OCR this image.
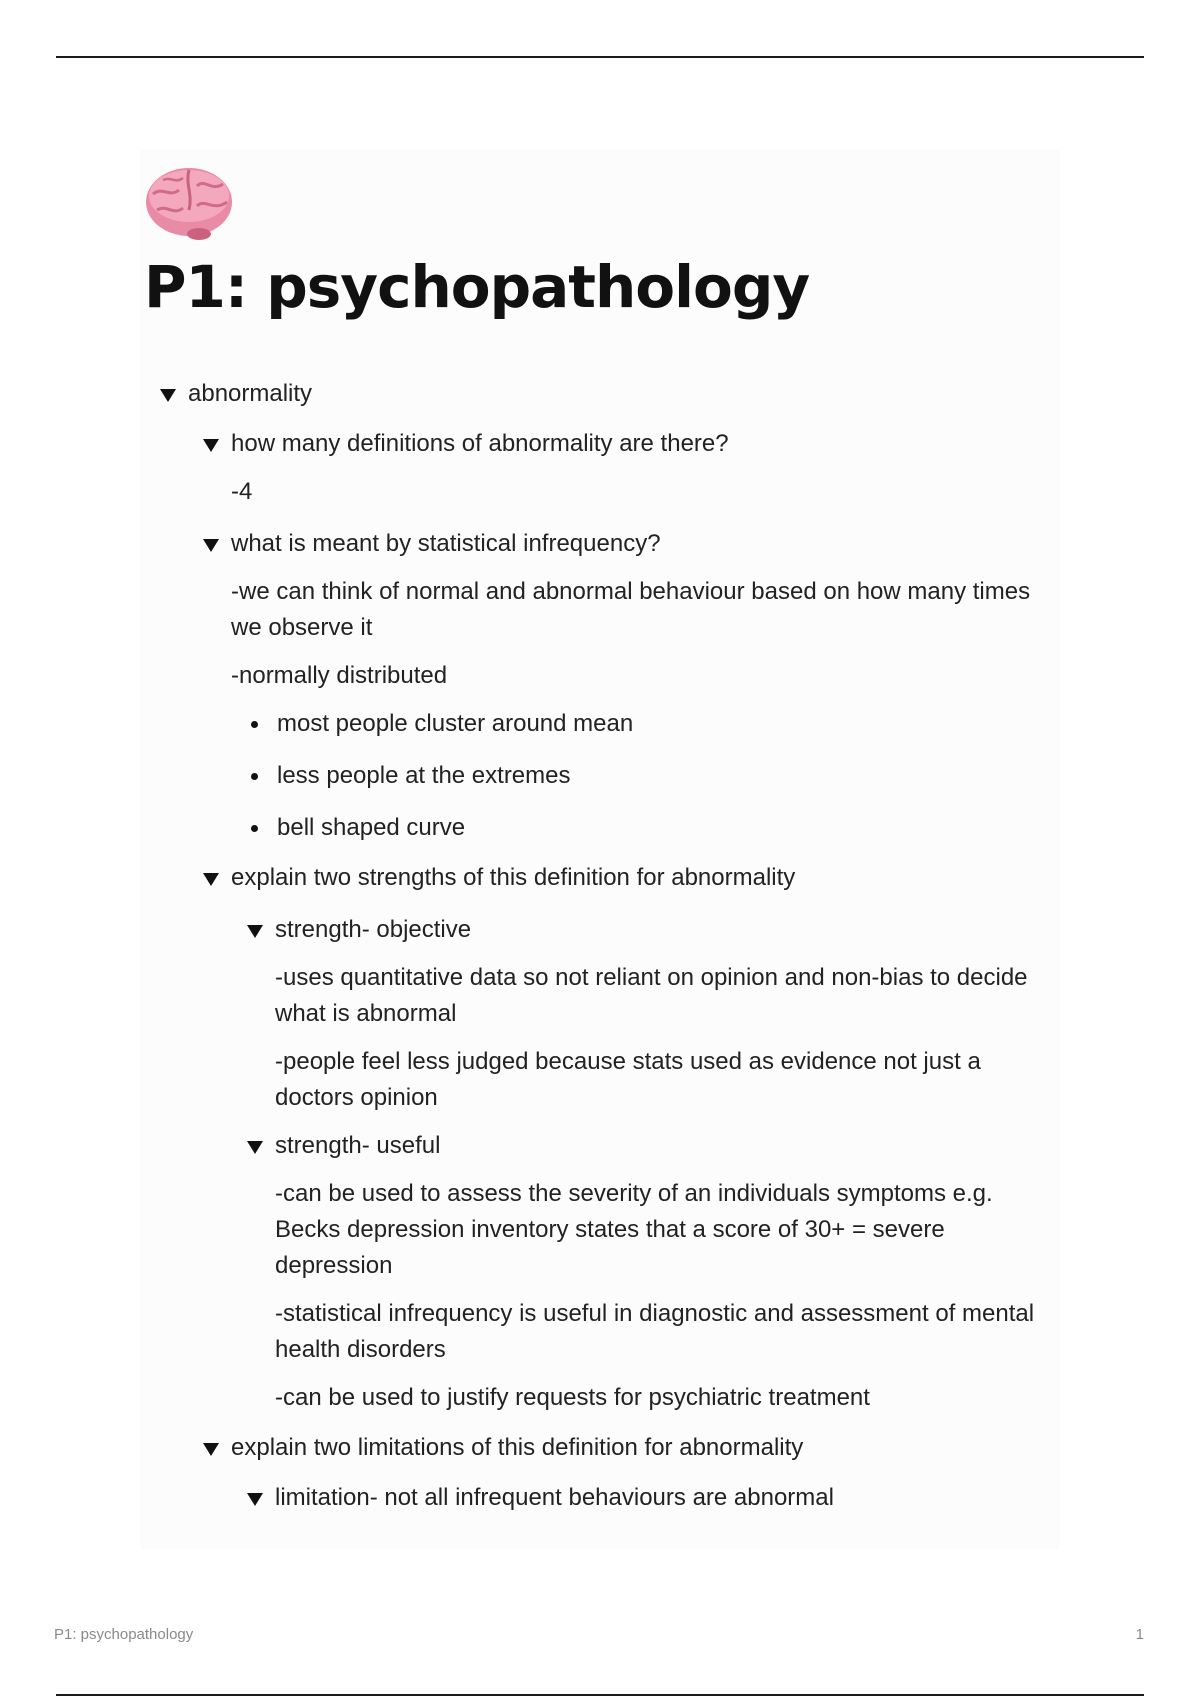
P1: psychopathology
abnormality
how many definitions of abnormality are there?
-4
what is meant by statistical infrequency?
-we can think of normal and abnormal behaviour based on how many times we observe it
-normally distributed
most people cluster around mean
less people at the extremes
bell shaped curve
explain two strengths of this definition for abnormality
strength- objective
-uses quantitative data so not reliant on opinion and non-bias to decide what is abnormal
-people feel less judged because stats used as evidence not just a doctors opinion
strength- useful
-can be used to assess the severity of an individuals symptoms e.g. Becks depression inventory states that a score of 30+ = severe depression
-statistical infrequency is useful in diagnostic and assessment of mental health disorders
-can be used to justify requests for psychiatric treatment
explain two limitations of this definition for abnormality
limitation- not all infrequent behaviours are abnormal
P1: psychopathology	1
